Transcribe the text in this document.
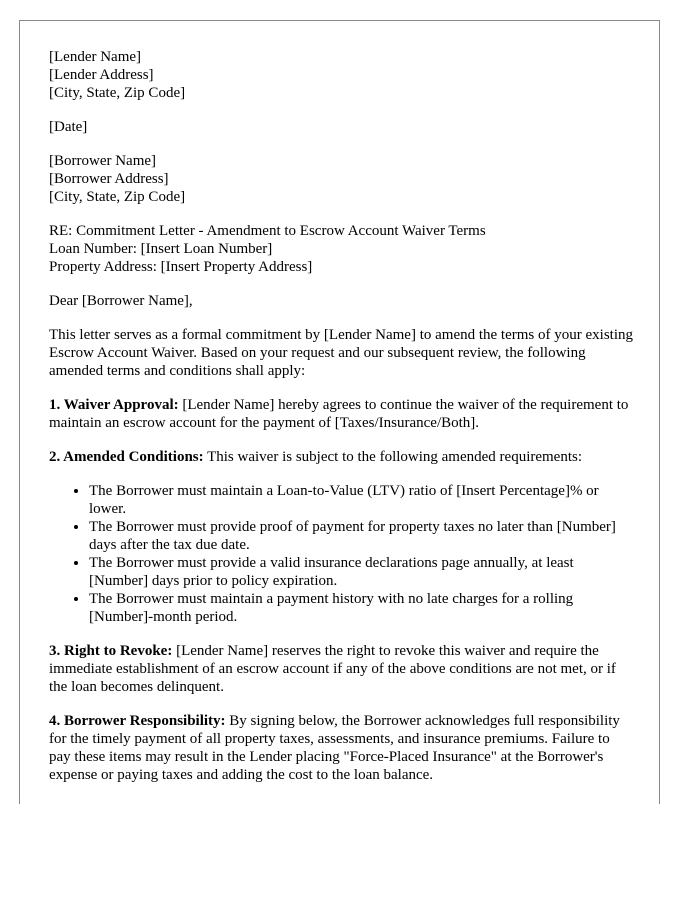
[Lender Name]
[Lender Address]
[City, State, Zip Code]
[Date]
[Borrower Name]
[Borrower Address]
[City, State, Zip Code]
RE: Commitment Letter - Amendment to Escrow Account Waiver Terms
Loan Number: [Insert Loan Number]
Property Address: [Insert Property Address]

Dear [Borrower Name],

This letter serves as a formal commitment by [Lender Name] to amend the terms of your existing Escrow Account Waiver. Based on your request and our subsequent review, the following amended terms and conditions shall apply:

1. Waiver Approval: [Lender Name] hereby agrees to continue the waiver of the requirement to maintain an escrow account for the payment of [Taxes/Insurance/Both].

2. Amended Conditions: This waiver is subject to the following amended requirements:

• The Borrower must maintain a Loan-to-Value (LTV) ratio of [Insert Percentage]% or lower.
• The Borrower must provide proof of payment for property taxes no later than [Number] days after the tax due date.
• The Borrower must provide a valid insurance declarations page annually, at least [Number] days prior to policy expiration.
• The Borrower must maintain a payment history with no late charges for a rolling [Number]-month period.

3. Right to Revoke: [Lender Name] reserves the right to revoke this waiver and require the immediate establishment of an escrow account if any of the above conditions are not met, or if the loan becomes delinquent.

4. Borrower Responsibility: By signing below, the Borrower acknowledges full responsibility for the timely payment of all property taxes, assessments, and insurance premiums. Failure to pay these items may result in the Lender placing "Force-Placed Insurance" at the Borrower's expense or paying taxes and adding the cost to the loan balance.
